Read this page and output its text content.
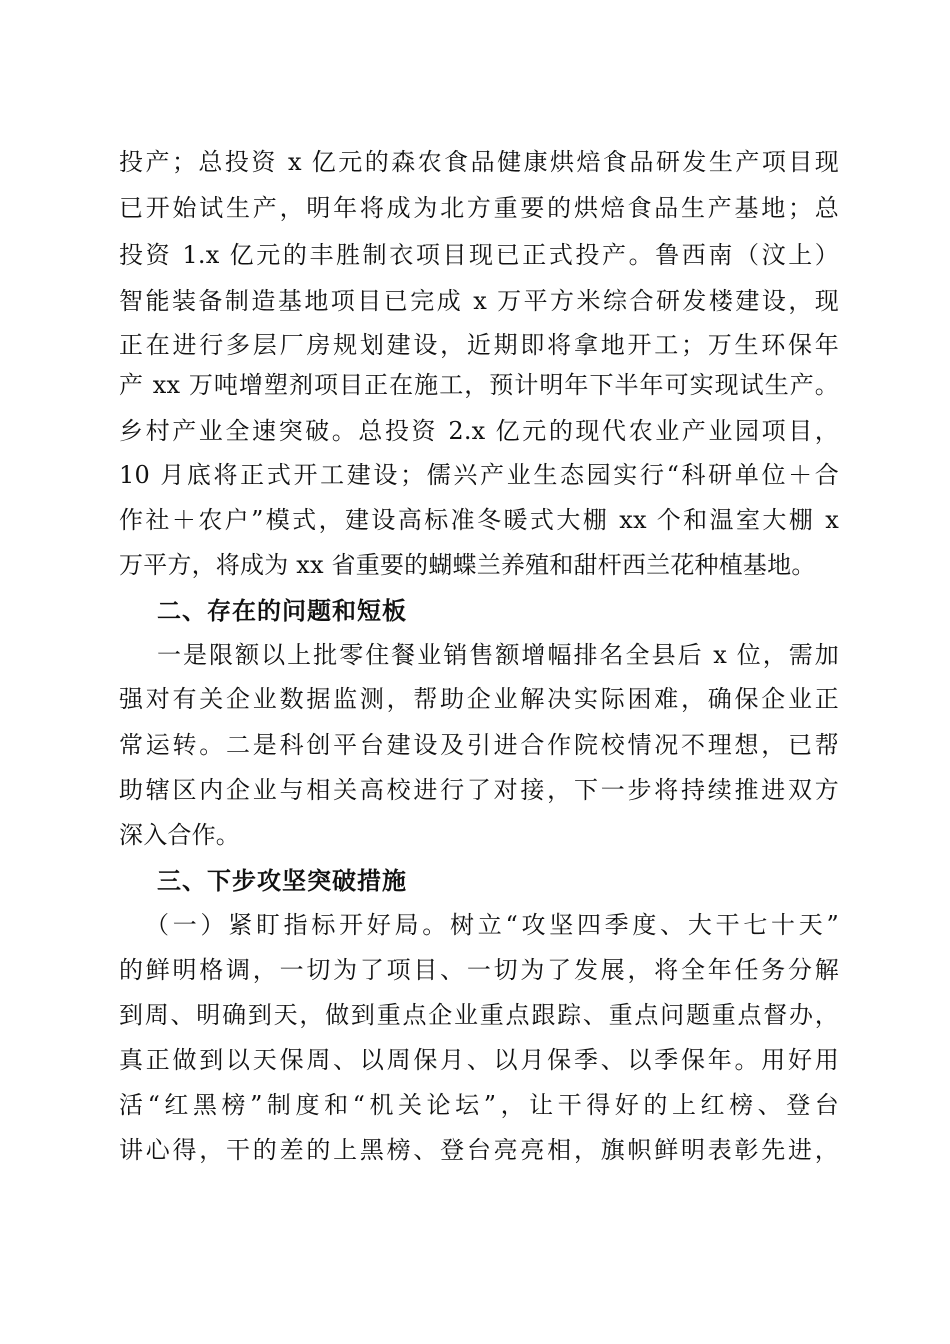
投产；总投资 x 亿元的森农食品健康烘焙食品研发生产项目现
已开始试生产，明年将成为北方重要的烘焙食品生产基地；总
投资 1.x 亿元的丰胜制衣项目现已正式投产。鲁西南（汶上）
智能装备制造基地项目已完成 x 万平方米综合研发楼建设，现
正在进行多层厂房规划建设，近期即将拿地开工；万生环保年
产 xx 万吨增塑剂项目正在施工，预计明年下半年可实现试生产。
乡村产业全速突破。总投资 2.x 亿元的现代农业产业园项目，
10 月底将正式开工建设；儒兴产业生态园实行“科研单位＋合
作社＋农户”模式，建设高标准冬暖式大棚 xx 个和温室大棚 x
万平方，将成为 xx 省重要的蝴蝶兰养殖和甜杆西兰花种植基地。
二、存在的问题和短板
一是限额以上批零住餐业销售额增幅排名全县后 x 位，需加
强对有关企业数据监测，帮助企业解决实际困难，确保企业正
常运转。二是科创平台建设及引进合作院校情况不理想，已帮
助辖区内企业与相关高校进行了对接，下一步将持续推进双方
深入合作。
三、下步攻坚突破措施
（一）紧盯指标开好局。树立“攻坚四季度、大干七十天”
的鲜明格调，一切为了项目、一切为了发展，将全年任务分解
到周、明确到天，做到重点企业重点跟踪、重点问题重点督办，
真正做到以天保周、以周保月、以月保季、以季保年。用好用
活“红黑榜”制度和“机关论坛”，让干得好的上红榜、登台
讲心得，干的差的上黑榜、登台亮亮相，旗帜鲜明表彰先进，
